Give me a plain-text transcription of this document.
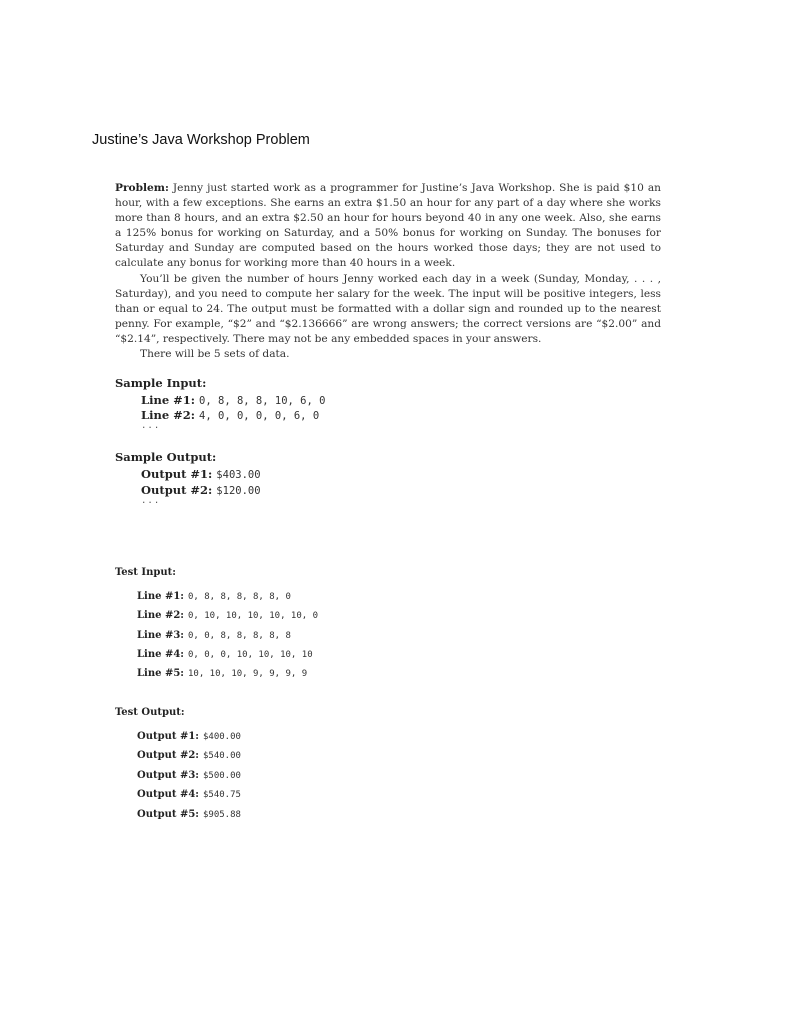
Justine’s Java Workshop Problem

Problem: Jenny just started work as a programmer for Justine’s Java Workshop. She is paid $10 an hour, with a few exceptions. She earns an extra $1.50 an hour for any part of a day where she works more than 8 hours, and an extra $2.50 an hour for hours beyond 40 in any one week. Also, she earns a 125% bonus for working on Saturday, and a 50% bonus for working on Sunday. The bonuses for Saturday and Sunday are computed based on the hours worked those days; they are not used to calculate any bonus for working more than 40 hours in a week.

You’ll be given the number of hours Jenny worked each day in a week (Sunday, Monday, . . . , Saturday), and you need to compute her salary for the week. The input will be positive integers, less than or equal to 24. The output must be formatted with a dollar sign and rounded up to the nearest penny. For example, “$2” and “$2.136666” are wrong answers; the correct versions are “$2.00” and “$2.14”, respectively. There may not be any embedded spaces in your answers.

There will be 5 sets of data.

Sample Input:
Line #1: 0, 8, 8, 8, 10, 6, 0
Line #2: 4, 0, 0, 0, 0, 6, 0
...
Sample Output:
Output #1: $403.00
Output #2: $120.00
...
Test Input:
Line #1: 0, 8, 8, 8, 8, 8, 0
Line #2: 0, 10, 10, 10, 10, 10, 0
Line #3: 0, 0, 8, 8, 8, 8, 8
Line #4: 0, 0, 0, 10, 10, 10, 10
Line #5: 10, 10, 10, 9, 9, 9, 9
Test Output:
Output #1: $400.00
Output #2: $540.00
Output #3: $500.00
Output #4: $540.75
Output #5: $905.88
